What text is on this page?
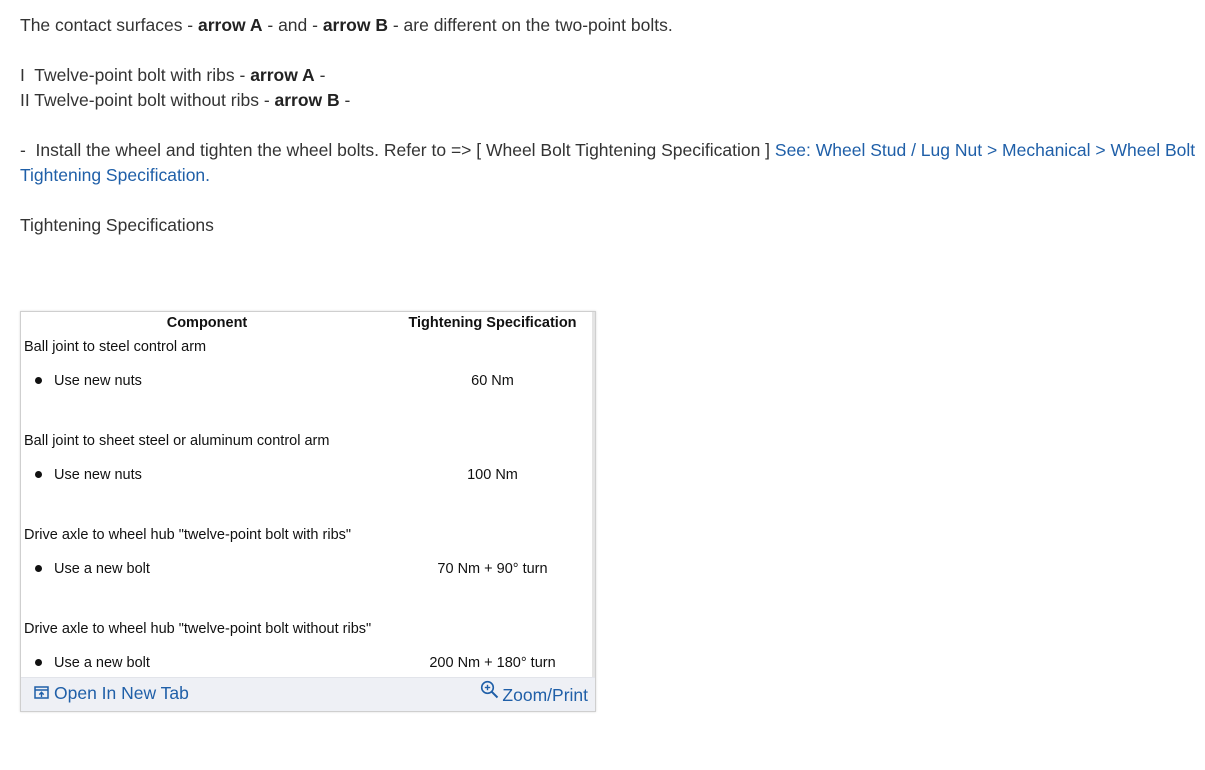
The contact surfaces - arrow A - and - arrow B - are different on the two-point bolts.

I  Twelve-point bolt with ribs - arrow A -

II Twelve-point bolt without ribs - arrow B -

-  Install the wheel and tighten the wheel bolts. Refer to => [ Wheel Bolt Tightening Specification ] See: Wheel Stud / Lug Nut > Mechanical > Wheel Bolt Tightening Specification.

Tightening Specifications

Component	Tightening Specification
Ball joint to steel control arm	
Use new nuts	60 Nm

Ball joint to sheet steel or aluminum control arm	
Use new nuts	100 Nm

Drive axle to wheel hub "twelve-point bolt with ribs"	
Use a new bolt	70 Nm + 90° turn

Drive axle to wheel hub "twelve-point bolt without ribs"	
Use a new bolt	200 Nm + 180° turn
Open In New Tab	Zoom/Print
